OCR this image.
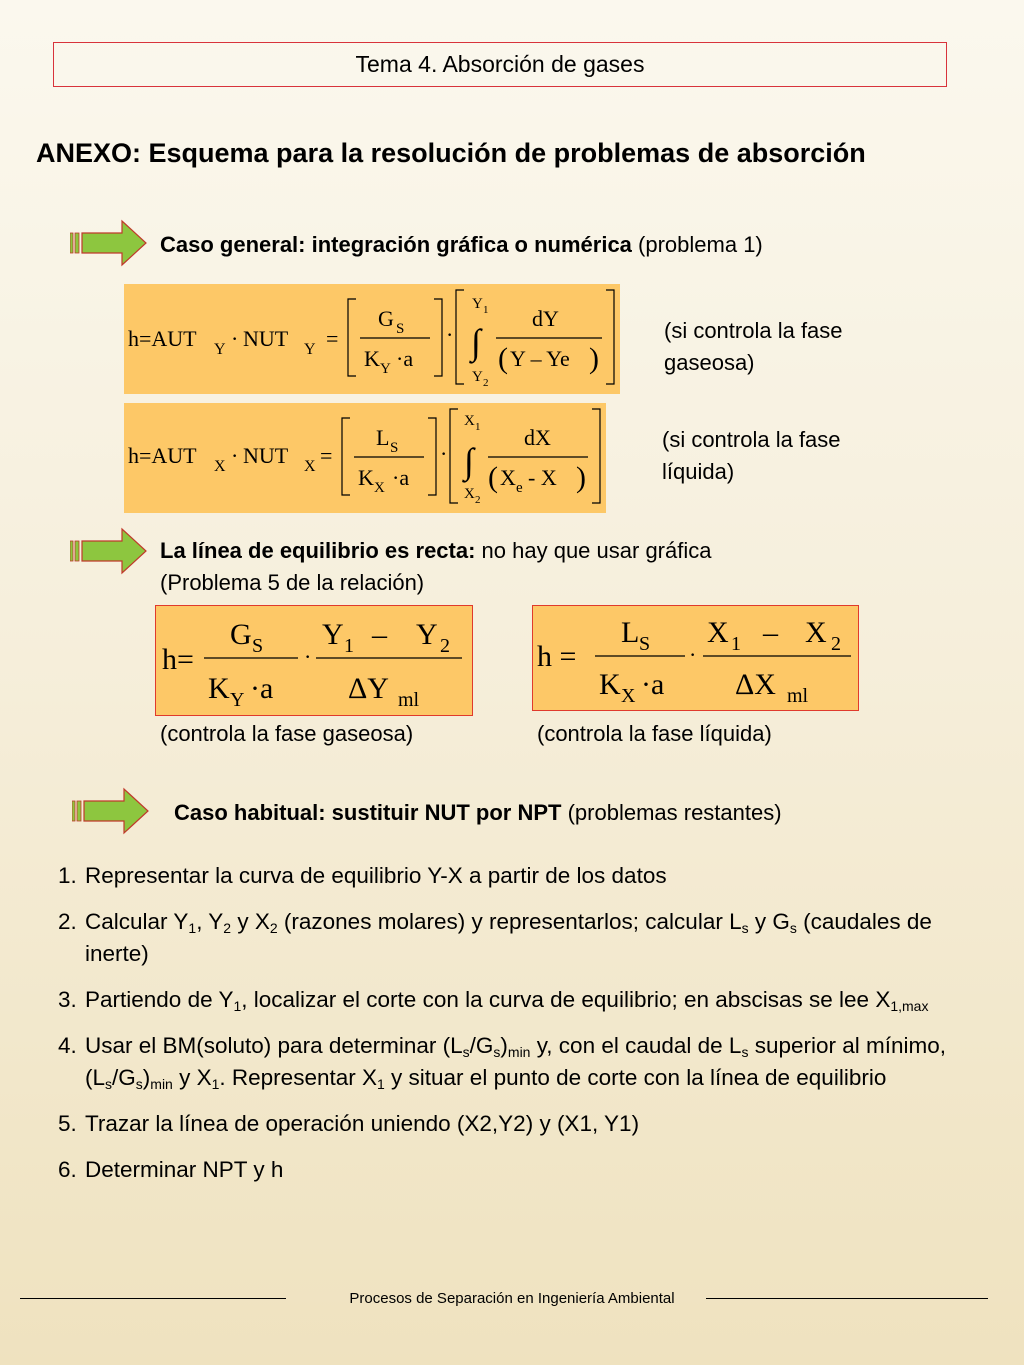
Tema 4. Absorción de gases
ANEXO: Esquema para la resolución de problemas de absorción
Caso general: integración gráfica o numérica (problema 1)
h=AUT Y · NUT Y =
G S
K Y ·a
·
Y 1
∫
Y 2
dY
( Y – Ye )
(si controla la fase gaseosa)
h=AUT X · NUT X =
L S
K X ·a
·
X 1
∫
X 2
dX
( X e - X )
(si controla la fase líquida)
La línea de equilibrio es recta: no hay que usar gráfica
(Problema 5 de la relación)
h=
G S
K Y ·a
·
Y 1 – Y 2
ΔY ml
h =
L S
K X ·a
·
X 1 – X 2
ΔX ml
(controla la fase gaseosa)	(controla la fase líquida)
Caso habitual: sustituir NUT por NPT (problemas restantes)
1. Representar la curva de equilibrio Y-X a partir de los datos
2. Calcular $Y_1$, $Y_2$ y $X_2$ (razones molares) y representarlos; calcular $L_s$ y $G_s$ (caudales de inerte)
3. Partiendo de $Y_1$, localizar el corte con la curva de equilibrio; en abscisas se lee $X_{1,max}$
4. Usar el BM(soluto) para determinar $(L_s/G_s)_{min}$ y, con el caudal de $L_s$ superior al mínimo, $(L_s/G_s)_{min}$ y $X_1$. Representar $X_1$ y situar el punto de corte con la línea de equilibrio
5. Trazar la línea de operación uniendo (X2,Y2) y (X1, Y1)
6. Determinar NPT y h
Procesos de Separación en Ingeniería Ambiental
